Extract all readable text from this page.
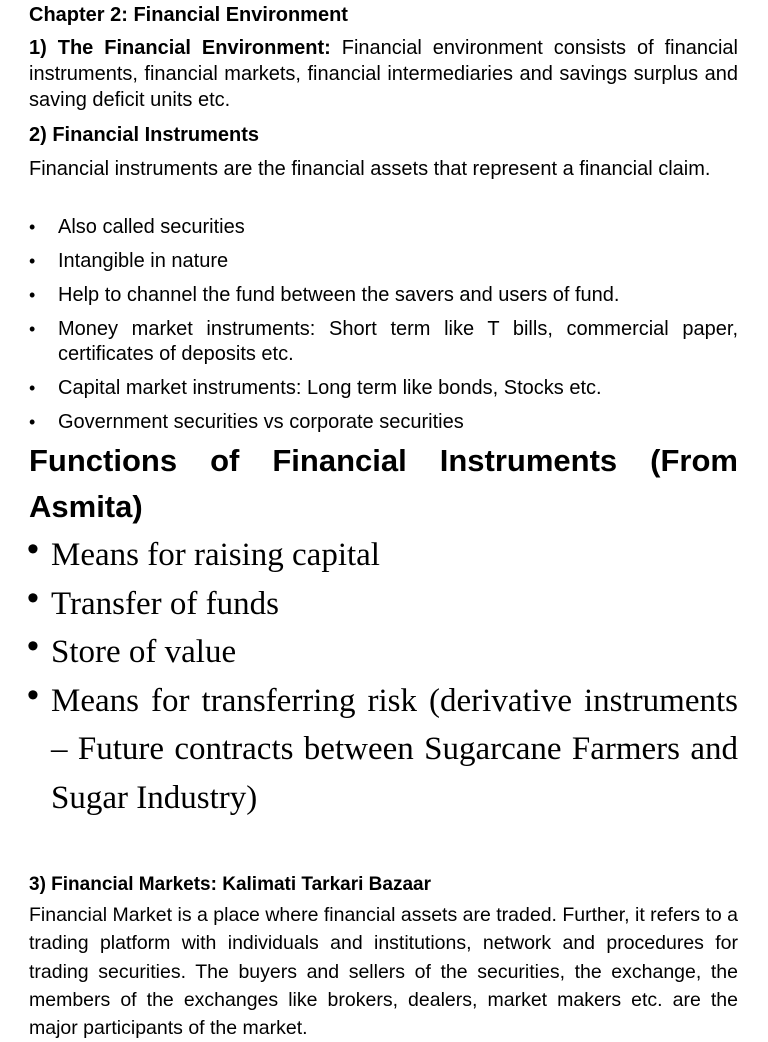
Chapter 2: Financial Environment
1) The Financial Environment: Financial environment consists of financial instruments, financial markets, financial intermediaries and savings surplus and saving deficit units etc.
2) Financial Instruments
Financial instruments are the financial assets that represent a financial claim.
• Also called securities
• Intangible in nature
• Help to channel the fund between the savers and users of fund.
• Money market instruments: Short term like T bills, commercial paper, certificates of deposits etc.
• Capital market instruments: Long term like bonds, Stocks etc.
• Government securities vs corporate securities
Functions of Financial Instruments (From Asmita)
• Means for raising capital
• Transfer of funds
• Store of value
• Means for transferring risk (derivative instruments – Future contracts between Sugarcane Farmers and Sugar Industry)
3) Financial Markets: Kalimati Tarkari Bazaar
Financial Market is a place where financial assets are traded. Further, it refers to a trading platform with individuals and institutions, network and procedures for trading securities. The buyers and sellers of the securities, the exchange, the members of the exchanges like brokers, dealers, market makers etc. are the major participants of the market.
